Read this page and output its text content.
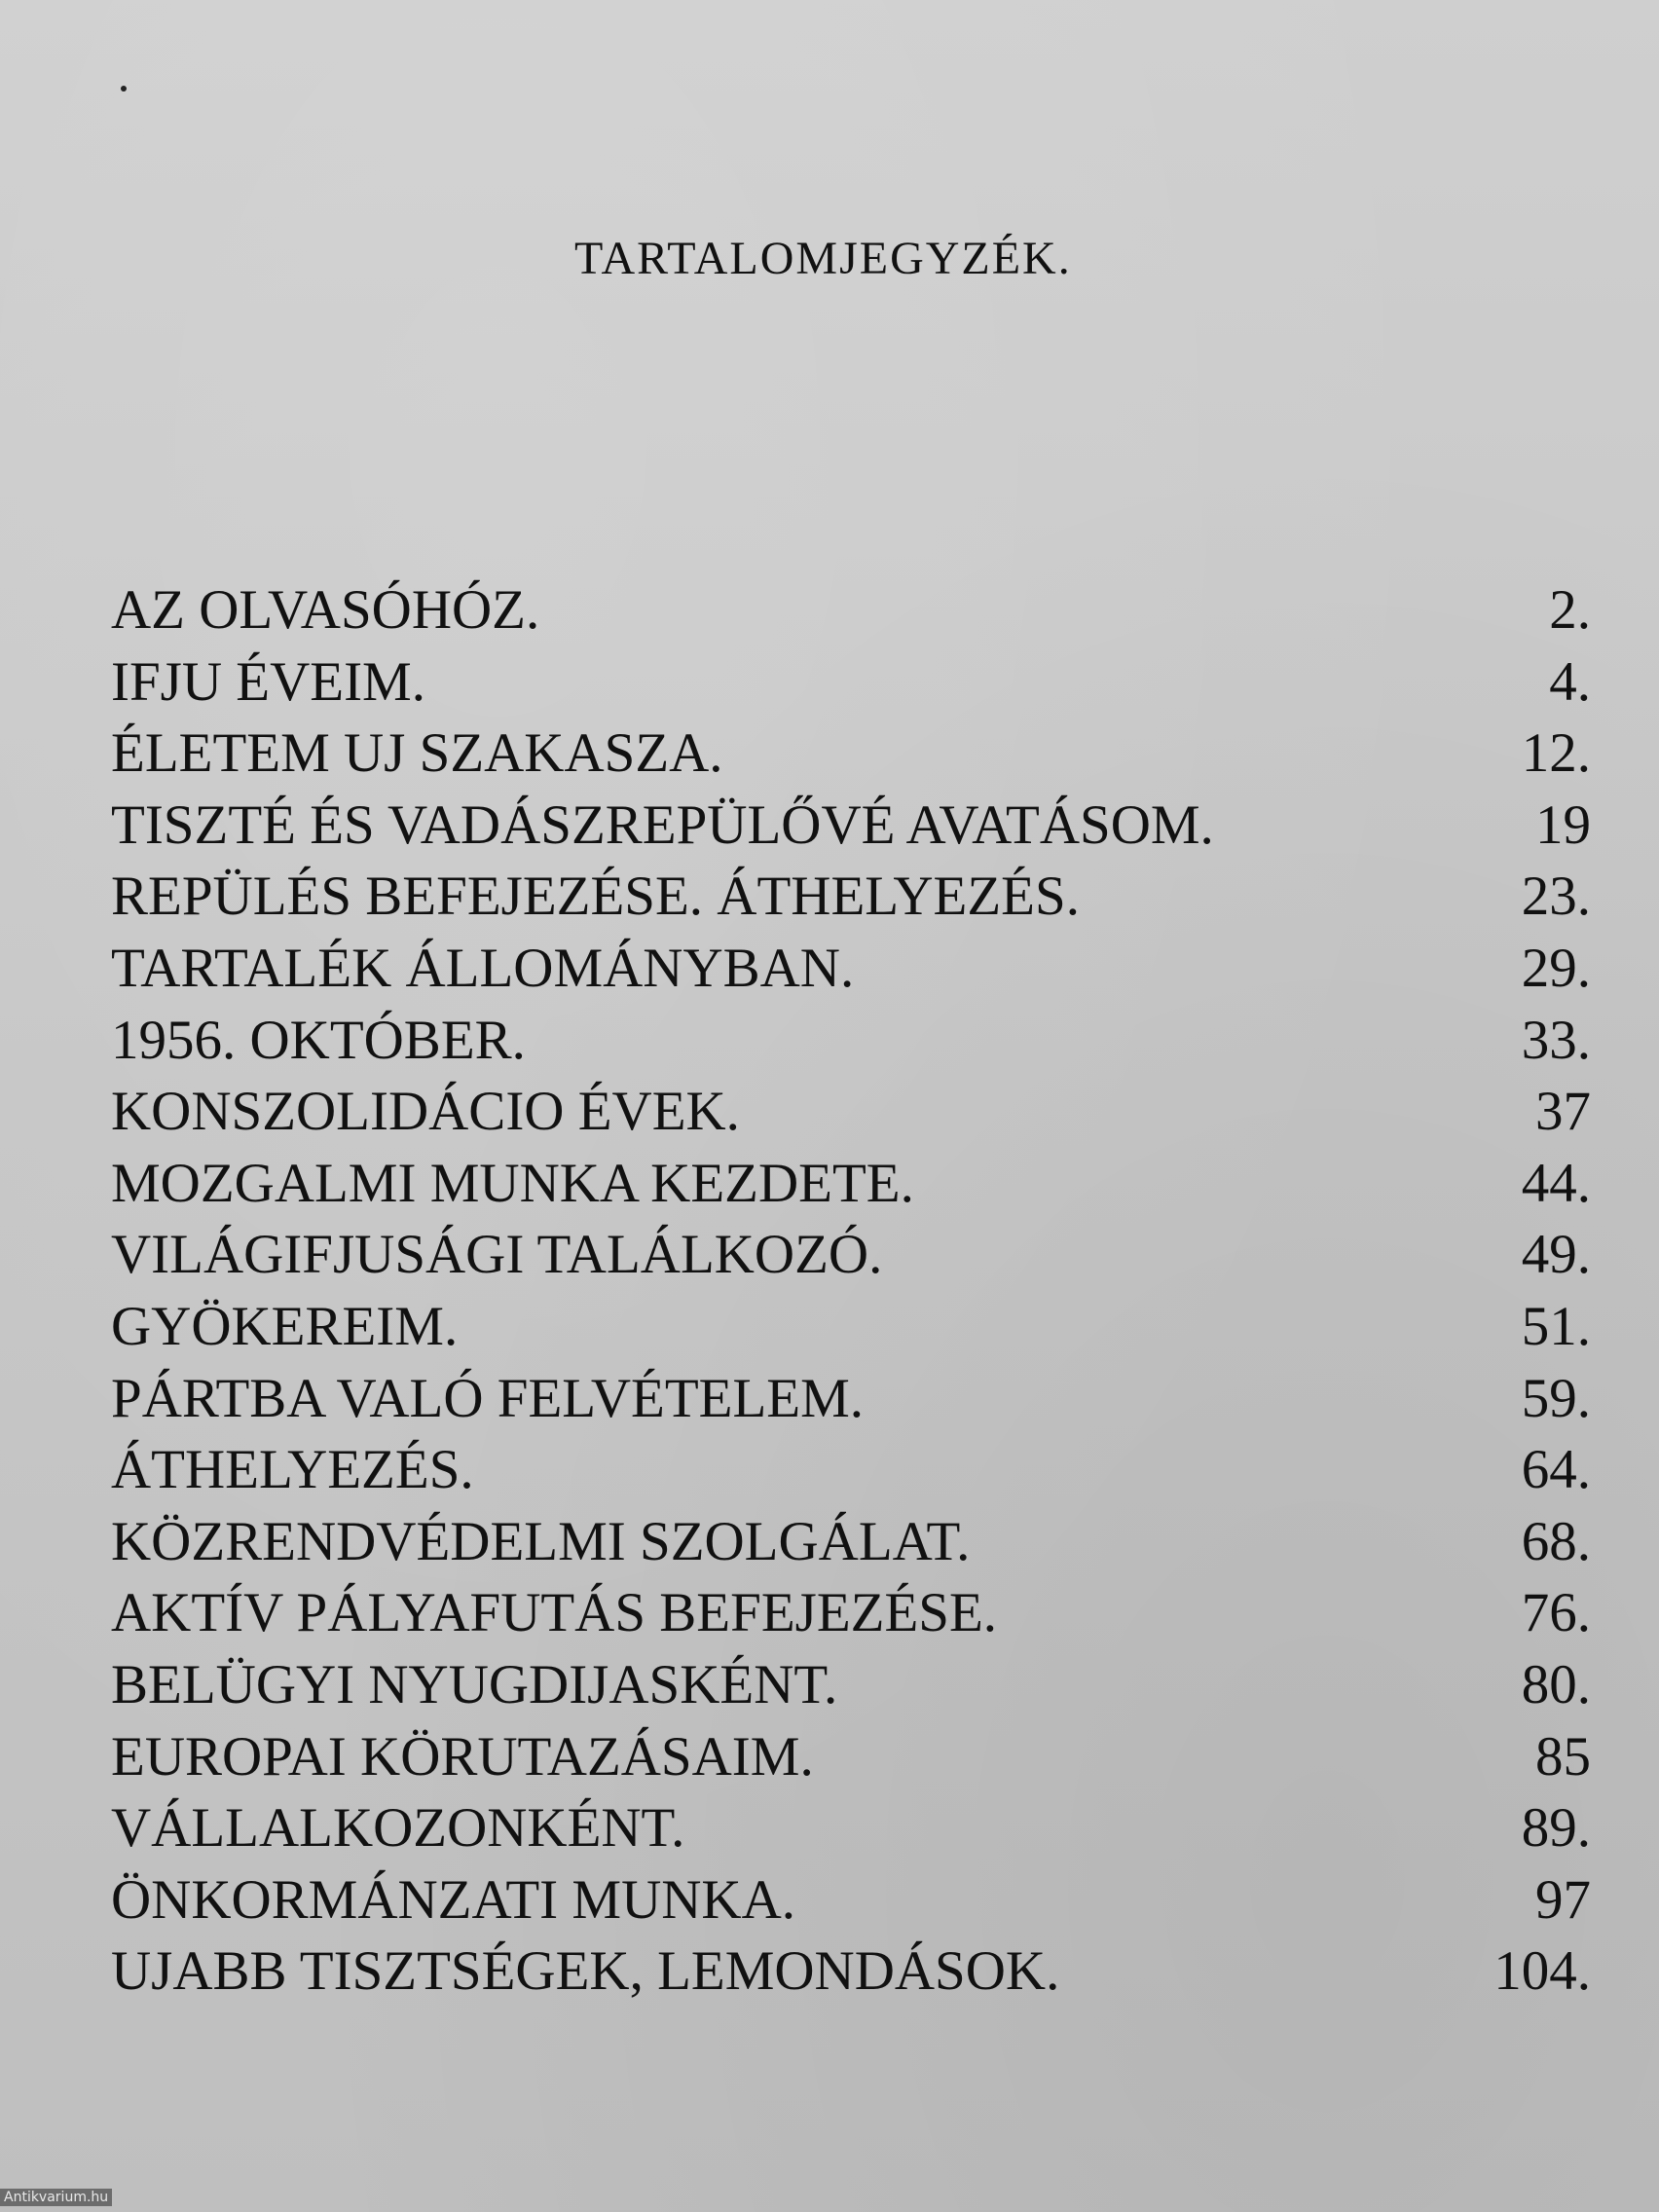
TARTALOMJEGYZÉK.
AZ OLVASÓHÓZ.	2.
IFJU ÉVEIM.	4.
ÉLETEM UJ SZAKASZA.	12.
TISZTÉ ÉS VADÁSZREPÜLŐVÉ AVATÁSOM.	19
REPÜLÉS BEFEJEZÉSE. ÁTHELYEZÉS.	23.
TARTALÉK ÁLLOMÁNYBAN.	29.
1956. OKTÓBER.	33.
KONSZOLIDÁCIO ÉVEK.	37
MOZGALMI MUNKA KEZDETE.	44.
VILÁGIFJUSÁGI TALÁLKOZÓ.	49.
GYÖKEREIM.	51.
PÁRTBA VALÓ FELVÉTELEM.	59.
ÁTHELYEZÉS.	64.
KÖZRENDVÉDELMI SZOLGÁLAT.	68.
AKTÍV PÁLYAFUTÁS BEFEJEZÉSE.	76.
BELÜGYI NYUGDIJASKÉNT.	80.
EUROPAI KÖRUTAZÁSAIM.	85
VÁLLALKOZONKÉNT.	89.
ÖNKORMÁNZATI MUNKA.	97
UJABB TISZTSÉGEK, LEMONDÁSOK.	104.
Antikvarium.hu
